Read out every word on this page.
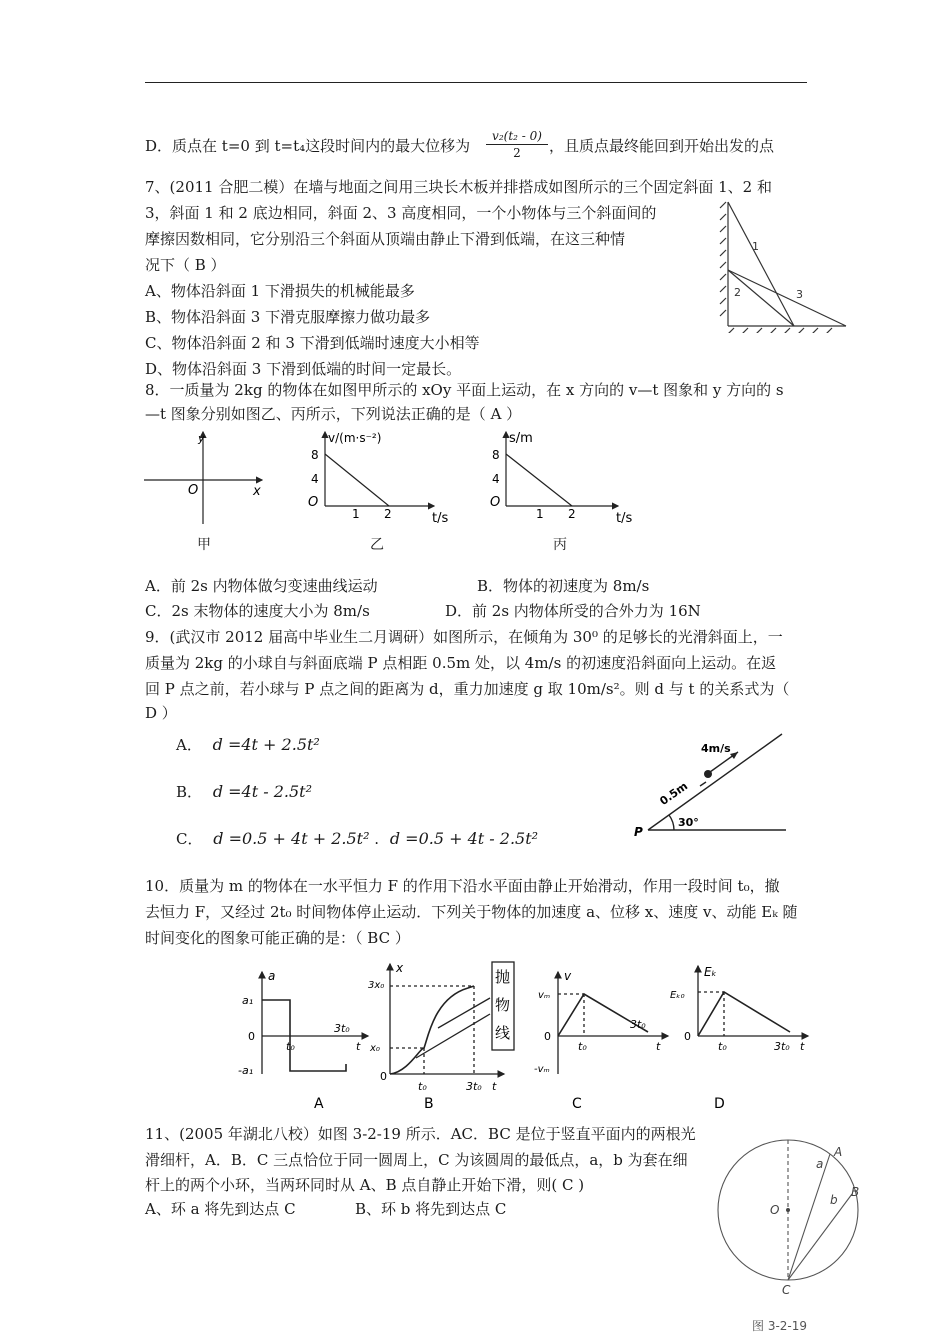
D．质点在 t=0 到 t=t₄这段时间内的最大位移为 $\frac{\text{v₂(t₂ - 0)}}{2}$ ，且质点最终能回到开始出发的点
7、(2011 合肥二模）在墙与地面之间用三块长木板并排搭成如图所示的三个固定斜面 1、2 和
3，斜面 1 和 2 底边相同，斜面 2、3 高度相同，一个小物体与三个斜面间的
摩擦因数相同，它分别沿三个斜面从顶端由静止下滑到低端，在这三种情
况下（ B ）
A、物体沿斜面 1 下滑损失的机械能最多
B、物体沿斜面 3 下滑克服摩擦力做功最多
C、物体沿斜面 2 和 3 下滑到低端时速度大小相等
D、物体沿斜面 3 下滑到低端的时间一定最长。
1
2	3
8．一质量为 2kg 的物体在如图甲所示的 xOy 平面上运动，在 x 方向的 v—t 图象和 y 方向的 s
—t 图象分别如图乙、丙所示，下列说法正确的是（ A ）
O	x
y	v/(m·s⁻²)
8
4
O
1 2	t/s
s/m
8
4
O
1 2	t/s
甲	乙	丙
A．前 2s 内物体做匀变速曲线运动	B．物体的初速度为 8m/s
C．2s 末物体的速度大小为 8m/s	D．前 2s 内物体所受的合外力为 16N
9．(武汉市 2012 届高中毕业生二月调研）如图所示，在倾角为 30⁰ 的足够长的光滑斜面上，一
质量为 2kg 的小球自与斜面底端 P 点相距 0.5m 处，以 4m/s 的初速度沿斜面向上运动。在返
回 P 点之前，若小球与 P 点之间的距离为 d，重力加速度 g 取 10m/s²。则 d 与 t 的关系式为（
D ）
A． d =4t + 2.5t²
B． d =4t - 2.5t²
C． d =0.5 + 4t + 2.5t² . d =0.5 + 4t - 2.5t²
4m/s
0.5m
30°
P
10．质量为 m 的物体在一水平恒力 F 的作用下沿水平面由静止开始滑动，作用一段时间 t₀，撤
去恒力 F，又经过 2t₀ 时间物体停止运动．下列关于物体的加速度 a、位移 x、速度 v、动能 Eₖ 随
时间变化的图象可能正确的是：（ BC ）
a
a₁
0
-a₁
t₀
3t₀
t
A
3x₀
x
x₀
0
t₀	3t₀ t
抛
物
线
B
v
vₘ
0
-vₘ
t₀
3t₀
t
C
Eₖ
Eₖ₀
0
t₀	3t₀ t
D
11、(2005 年湖北八校）如图 3-2-19 所示．AC．BC 是位于竖直平面内的两根光
滑细杆，A．B．C 三点恰位于同一圆周上，C 为该圆周的最低点，a，b 为套在细
杆上的两个小环，当两环同时从 A、B 点自静止开始下滑，则( C )
A、环 a 将先到达点 C	B、环 b 将先到达点 C
A
B
C
O
a
b
图 3-2-19
